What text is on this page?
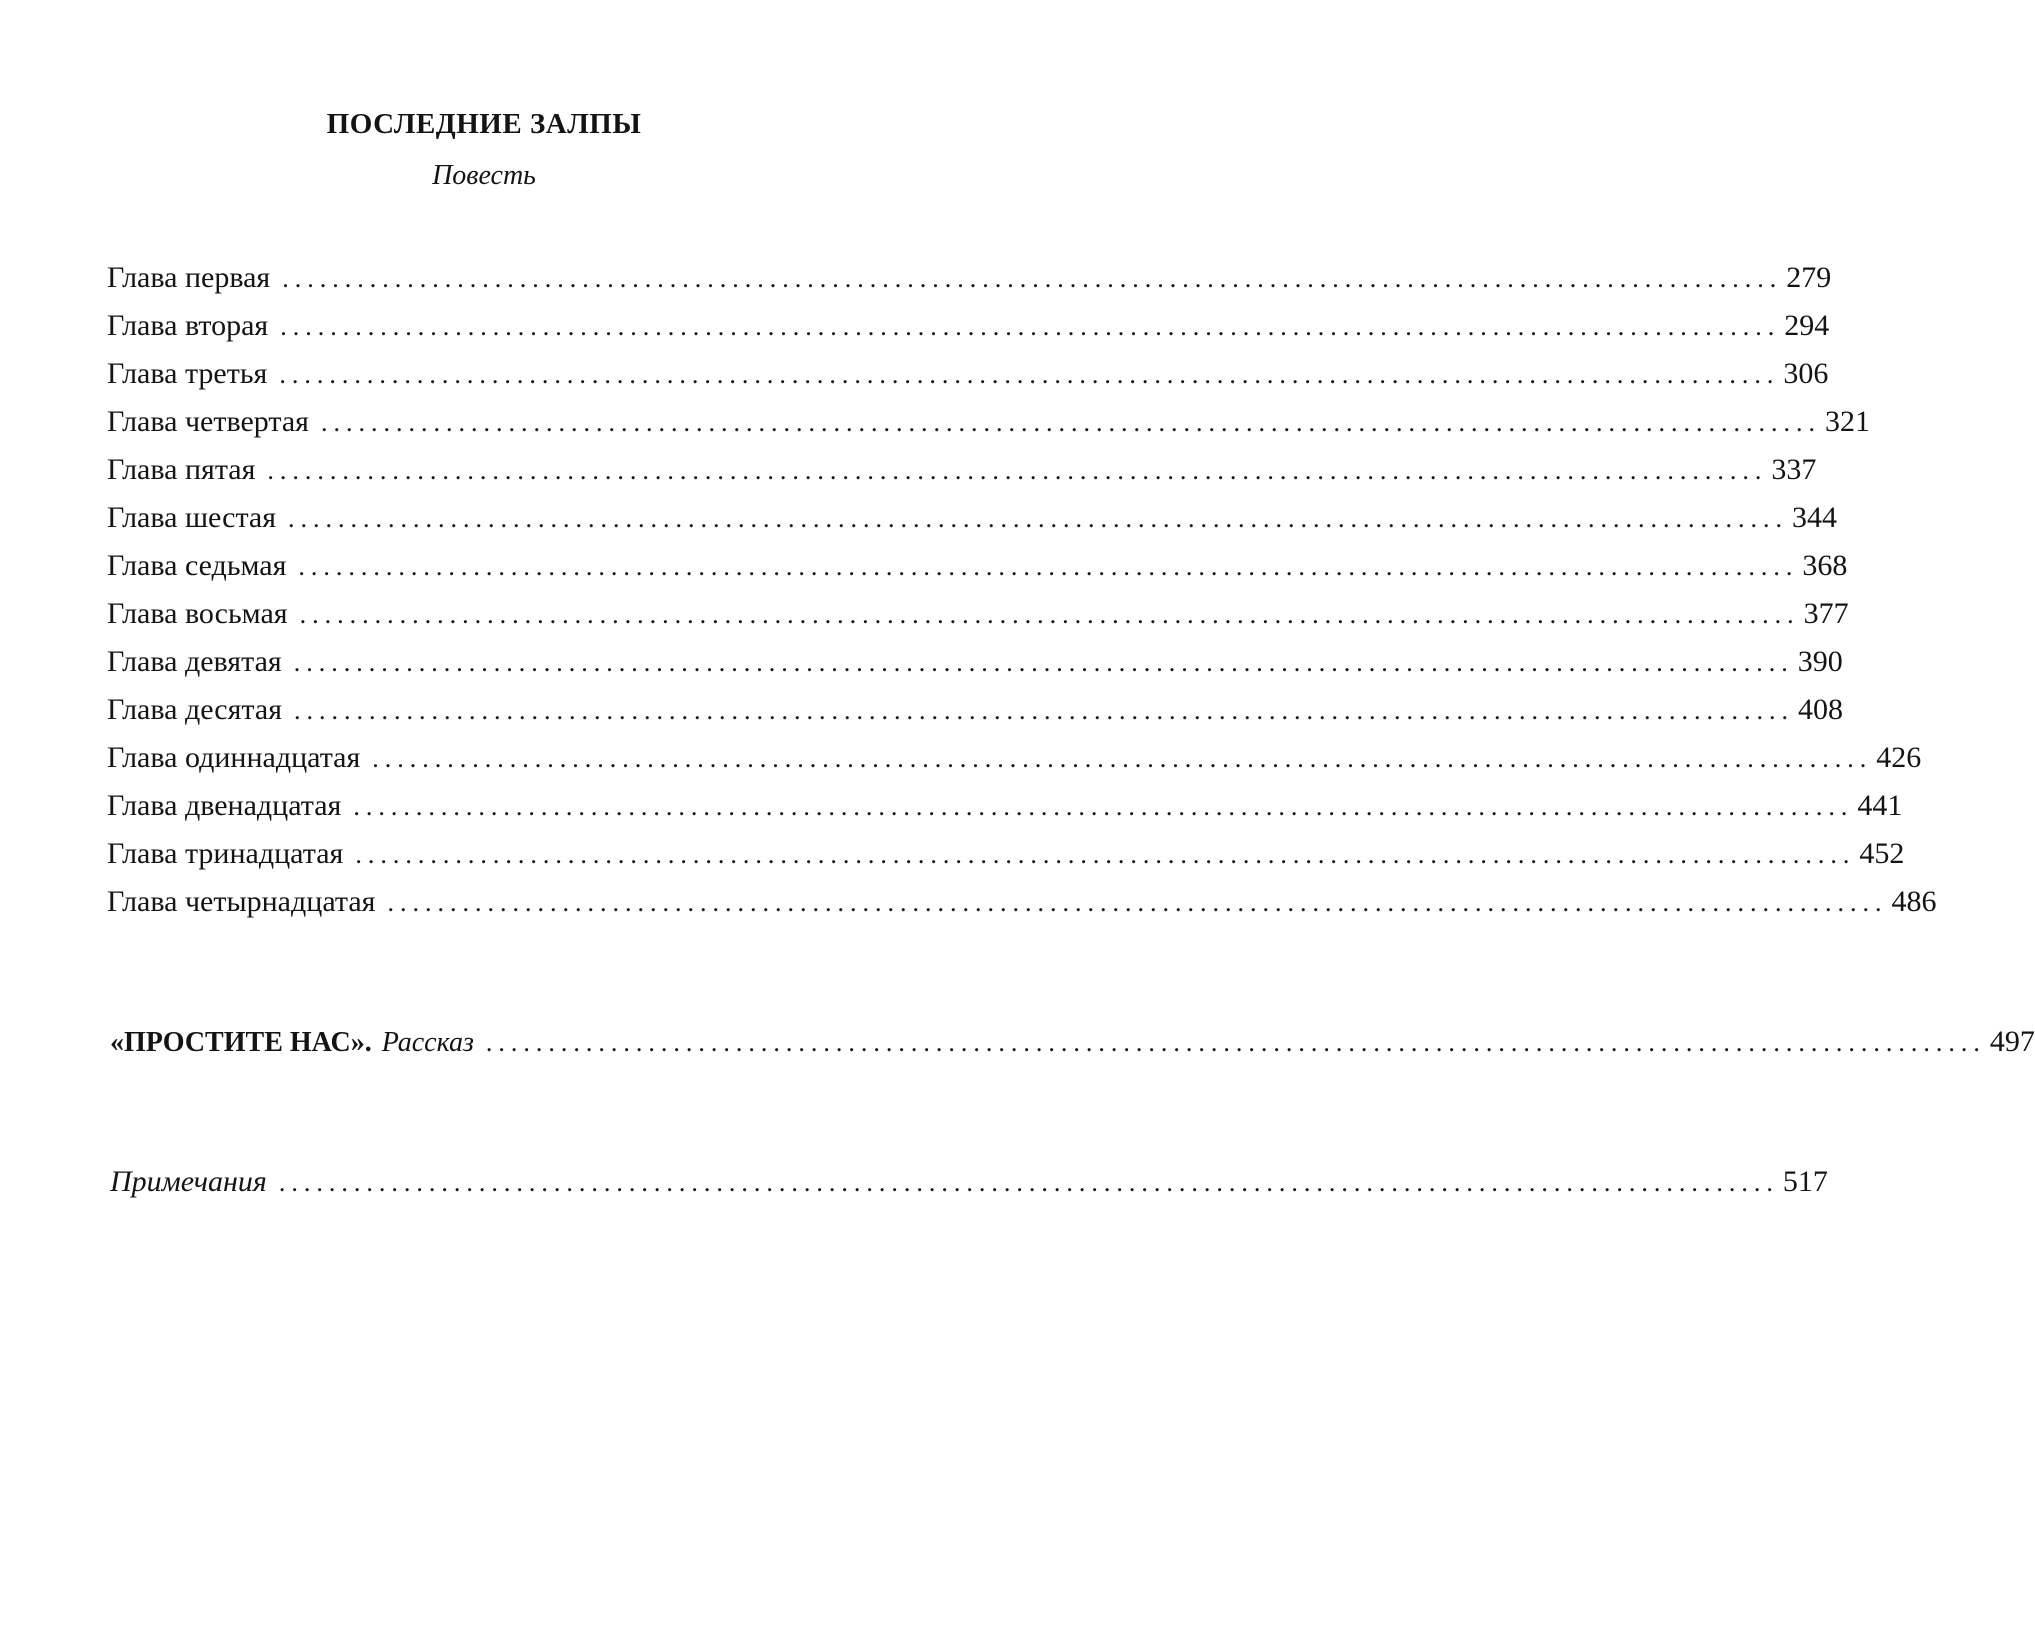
ПОСЛЕДНИЕ ЗАЛПЫ
Повесть
Глава первая ........................................................................................................................ 279
Глава вторая ........................................................................................................................ 294
Глава третья ........................................................................................................................ 306
Глава четвертая ........................................................................................................................ 321
Глава пятая ........................................................................................................................ 337
Глава шестая ........................................................................................................................ 344
Глава седьмая ........................................................................................................................ 368
Глава восьмая ........................................................................................................................ 377
Глава девятая ........................................................................................................................ 390
Глава десятая ........................................................................................................................ 408
Глава одиннадцатая ........................................................................................................................ 426
Глава двенадцатая ........................................................................................................................ 441
Глава тринадцатая ........................................................................................................................ 452
Глава четырнадцатая ........................................................................................................................ 486
«ПРОСТИТЕ НАС». Рассказ ........................................................................................................................ 497
Примечания ........................................................................................................................ 517
